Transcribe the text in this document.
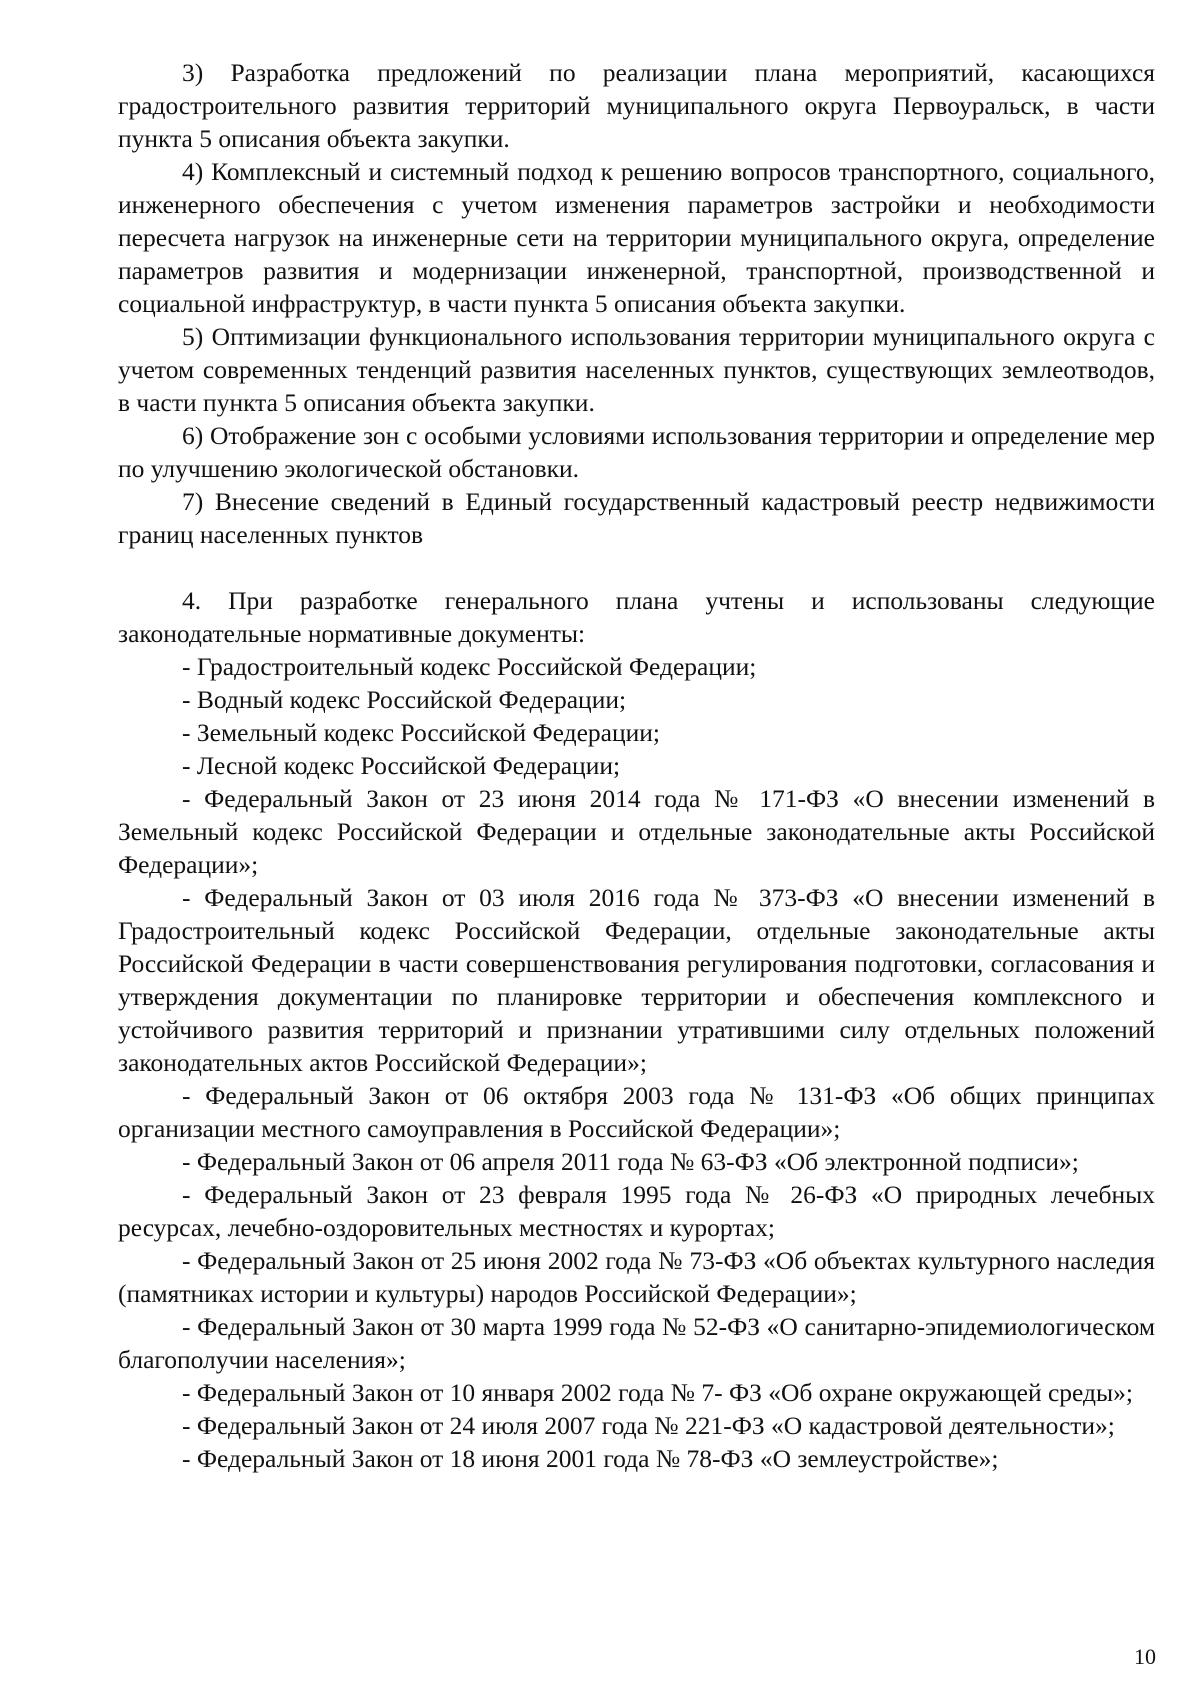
3) Разработка предложений по реализации плана мероприятий, касающихся градостроительного развития территорий муниципального округа Первоуральск, в части пункта 5 описания объекта закупки.

4) Комплексный и системный подход к решению вопросов транспортного, социального, инженерного обеспечения с учетом изменения параметров застройки и необходимости пересчета нагрузок на инженерные сети на территории муниципального округа, определение параметров развития и модернизации инженерной, транспортной, производственной и социальной инфраструктур, в части пункта 5 описания объекта закупки.

5) Оптимизации функционального использования территории муниципального округа с учетом современных тенденций развития населенных пунктов, существующих землеотводов, в части пункта 5 описания объекта закупки.

6) Отображение зон с особыми условиями использования территории и определение мер по улучшению экологической обстановки.

7) Внесение сведений в Единый государственный кадастровый реестр недвижимости границ населенных пунктов

4. При разработке генерального плана учтены и использованы следующие законодательные нормативные документы:

- Градостроительный кодекс Российской Федерации;

- Водный кодекс Российской Федерации;

- Земельный кодекс Российской Федерации;

- Лесной кодекс Российской Федерации;

- Федеральный Закон от 23 июня 2014 года № 171-ФЗ «О внесении изменений в Земельный кодекс Российской Федерации и отдельные законодательные акты Российской Федерации»;

- Федеральный Закон от 03 июля 2016 года № 373-ФЗ «О внесении изменений в Градостроительный кодекс Российской Федерации, отдельные законодательные акты Российской Федерации в части совершенствования регулирования подготовки, согласования и утверждения документации по планировке территории и обеспечения комплексного и устойчивого развития территорий и признании утратившими силу отдельных положений законодательных актов Российской Федерации»;

- Федеральный Закон от 06 октября 2003 года № 131-ФЗ «Об общих принципах организации местного самоуправления в Российской Федерации»;

- Федеральный Закон от 06 апреля 2011 года № 63-ФЗ «Об электронной подписи»;

- Федеральный Закон от 23 февраля 1995 года № 26-ФЗ «О природных лечебных ресурсах, лечебно-оздоровительных местностях и курортах;

- Федеральный Закон от 25 июня 2002 года № 73-ФЗ «Об объектах культурного наследия (памятниках истории и культуры) народов Российской Федерации»;

- Федеральный Закон от 30 марта 1999 года № 52-ФЗ «О санитарно-эпидемиологическом благополучии населения»;

- Федеральный Закон от 10 января 2002 года № 7- ФЗ «Об охране окружающей среды»;

- Федеральный Закон от 24 июля 2007 года № 221-ФЗ «О кадастровой деятельности»;

- Федеральный Закон от 18 июня 2001 года № 78-ФЗ «О землеустройстве»;

10
